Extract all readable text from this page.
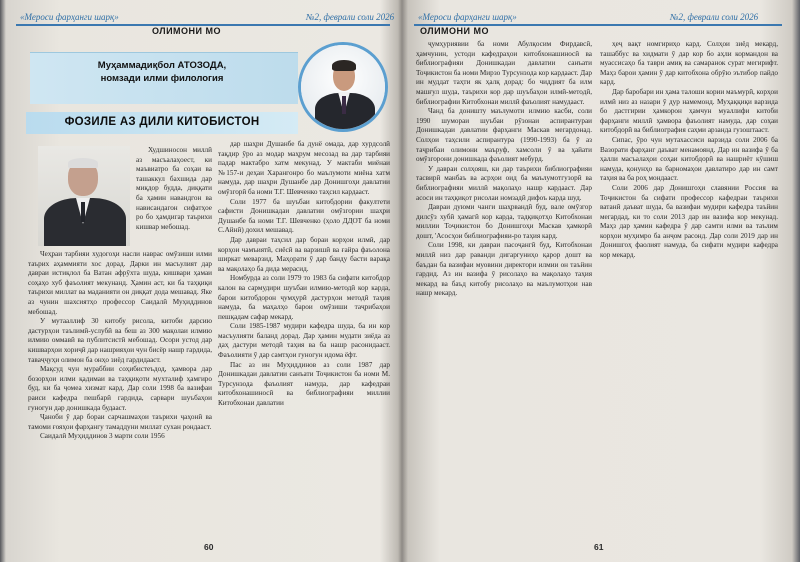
«Мероси фарҳанги шарқ»	№2, феврали соли 2026
ОЛИМОНИ МО
Муҳаммадиқбол АТОЗОДА,
номзади илми филология
ФОЗИЛЕ АЗ ДИЛИ КИТОБИСТОН

Худшиносон миллӣ аз масъалаҳоест, ки маъвиатро ба соҳаи ва ташаккул бахшида дар миқдор будда, диққати ба ҳамин навандгон ва нависандагон сифатҳое ро бо ҳамдигар таърихи кишвар мебошад.

Чеҳраи тарбияи худогоҳи насли наврас омӯзиши илми таърих аҳаммияти хос дорад. Дарки ин масъулият дар давраи истиқлол ба Ватан афрӯхта шуда, кишвари ҳамаи соҳаҳо хуб фаъолият мекунанд. Ҳамин аст, ки ба таҳқиқи таърихи миллат ва маданияти он диққат дода мешавад. Яке аз чунин шахсиятҳо профессор Саидалӣ Муҳиддинов мебошад.

У мутааллиф 30 китобу рисола, китоби дарсию дастурҳои таълимӣ-услубӣ ва беш аз 300 мақолаи илмию илмию оммавӣ ва публитсистӣ мебошад. Осори устод дар кишварҳои хориҷӣ дар нашрияҳои чун бисёр нашр гардида, таваҷҷуҳи олимон ба онҳо зиёд гардидааст.

Мақсуд чун мураббии соҳибистеъдод, ҳамвора дар бозорҳои илми қадимаи ва таҳқиқоти мухталиф ҳамгиро буд, ки ба ҷомеа хизмат кард. Дар соли 1998 ба вазифаи раиси кафедра пешбарӣ гардида, сарвари шуъбаҳои гуногун дар донишкада будааст.

Ҷаноби ӯ дар бораи сарчашмаҳои таърихи ҷаҳонӣ ва тамоми ғояҳои фарҳангу тамаддуни миллат сухан рондааст.

Саидалӣ Муҳиддинов 3 марти соли 1956

дар шаҳри Душанбе ба дунё омада, дар хурдсолӣ тақдир ӯро аз модар маҳрум месозад ва дар тарбияи падар мактабро хатм мекунад. У мактаби миёнаи №157-и деҳаи Харангонро бо маълумоти миёна хатм намуда, дар шаҳри Душанбе дар Донишгоҳи давлатии омӯзгорӣ ба номи Т.Г. Шевченко таҳсил кардааст.

Соли 1977 ба шуъбаи китобдории факултети сафисти Донишкадаи давлатии омӯзгории шаҳри Душанбе ба номи Т.Г. Шевченко (ҳоло ДДОТ ба номи С.Айнӣ) дохил мешавад.

Дар давраи таҳсил дар бораи корҳои илмӣ, дар корҳои чамъиятӣ, сиёсӣ ва варзишӣ ва ғайра фаъолона ширкат меварзид. Маҳорати ӯ дар банду басти варақа ва мақолаҳо ба дида мерасид.

Номбурда аз соли 1979 то 1983 ба сифати китобдор калон ва сармудири шуъбаи илмию-методӣ кор карда, барои китобдорон ҷумҳурӣ дастурҳои методӣ таҳия намуда, ба маҳалҳо барои омӯзиши таҷрибаҳои пешқадам сафар мекард.

Соли 1985-1987 мудири кафедра шуда, ба ин кор масъулияти баланд дорад. Дар ҳамин мудати зиёда аз даҳ дастури методӣ таҳия ва ба нашр расонидааст. Фаъолияти ӯ дар самтҳои гуногун идома ёфт.

Пас аз ин Муҳиддинов аз соли 1987 дар Донишкадаи давлатии санъати Тоҷикистон ба номи М. Турсунзода фаъолият намуда, дар кафедраи китобхонашиносӣ ва библиографияи миллии Китобхонаи давлатии

60
«Мероси фарҳанги шарқ»	№2, феврали соли 2026
ОЛИМОНИ МО

ҷумҳуриявии ба номи Абулқосим Фирдавсӣ, ҳамчунин, устоди кафедраҳои китобхонашиносӣ ва библиографияи Донишкадаи давлатии санъати Тоҷикистон ба номи Мирзо Турсунзода кор кардааст. Дар ин муддат таҳти як ҳалқ дорад: бо чиддият ба илм машғул шуда, таърихи кор дар шуъбаҳои илмӣ-методӣ, библиографии Китобхонаи миллӣ фаъолият намудааст.

Чанд ба доништу маълумоти илмию касби, соли 1990 шумораи шуъбаи рӯзонаи аспирантураи Донишкадаи давлатии фарҳанги Маскав мегардонад. Солҳои таҳсили аспирантура (1990-1993) ба ӯ аз таҷрибаи олимони маъруф, хамсоли ӯ ва ҳайати омӯзгорони донишкада фаъолият мебурд.

У давраи солҳояш, ки дар таърихи библиографияи тасвирӣ манбаъ ва асрҳои оид ба маълумотгузорӣ ва библиографияи миллӣ мақолаҳо нашр кардааст. Дар асоси ин таҳқиқот рисолаи номзадӣ дифоъ карда шуд.

Давраи дуюми чанги шаҳрвандӣ буд, вале омӯзгор дилсӯз хубӣ ҳамагӣ кор карда, тадқиқотҳо Китобхонаи миллии Тоҷикистон бо Донишгоҳи Маскав ҳамкорӣ дошт, 'Асосҳои библиографияи-ро таҳия кард.

Соли 1998, ки давраи пасоҷангӣ буд, Китобхонаи миллӣ низ дар раванди дигаргуниҳо қарор дошт ва баъдан ба вазифаи муовини директори илмии он таъйин гардид. Аз ин вазифа ӯ рисолаҳо ва мақолаҳо таҳия мекард ва баъд китобу рисолаҳо ва маълумотҳои нав нашр мекард.

ҳеҷ вақт номгириҳо кард. Солҳои зиёд мекард, ташаббус ва хидмати ӯ дар кор бо аҳли кормандон ва муассисаҳо ба таври амиқ ва самаранок сурат мегирифт. Маҳз барои ҳамин ӯ дар китобхона обрӯю эътибор пайдо кард.

Дар баробари ин ҳама талоши кории маъмурӣ, корҳои илмӣ низ аз назари ӯ дур намемонд. Муҳаққиқи варзида бо дастгирии ҳамкорон ҳамчун муаллифи китоби фарҳанги миллӣ ҳамвора фаъолият намуда, дар соҳаи китобдорӣ ва библиография саҳми арзанда гузоштааст.

Сипас, ӯро чун мутахассиси варзида соли 2006 ба Вазорати фарҳанг даъват менамоянд. Дар ин вазифа ӯ ба ҳалли масъалаҳои соҳаи китобдорӣ ва нашриёт кӯшиш намуда, қонунҳо ва барномаҳои давлатиро дар ин самт таҳия ва ба роҳ мондааст.

Соли 2006 дар Донишгоҳи славянии Россия ва Тоҷикистон ба сифати профессор кафедраи таърихи ватанӣ даъват шуда, ба вазифаи мудири кафедра таъйин мегардад, ки то соли 2013 дар ин вазифа кор мекунад. Маҳз дар ҳамин кафедра ӯ дар самти илми ва таълим корҳои муҳимро ба анҷом расонд. Дар соли 2019 дар ин Донишгоҳ фаолият намуда, ба сифати мудири кафедра кор мекард.

61
